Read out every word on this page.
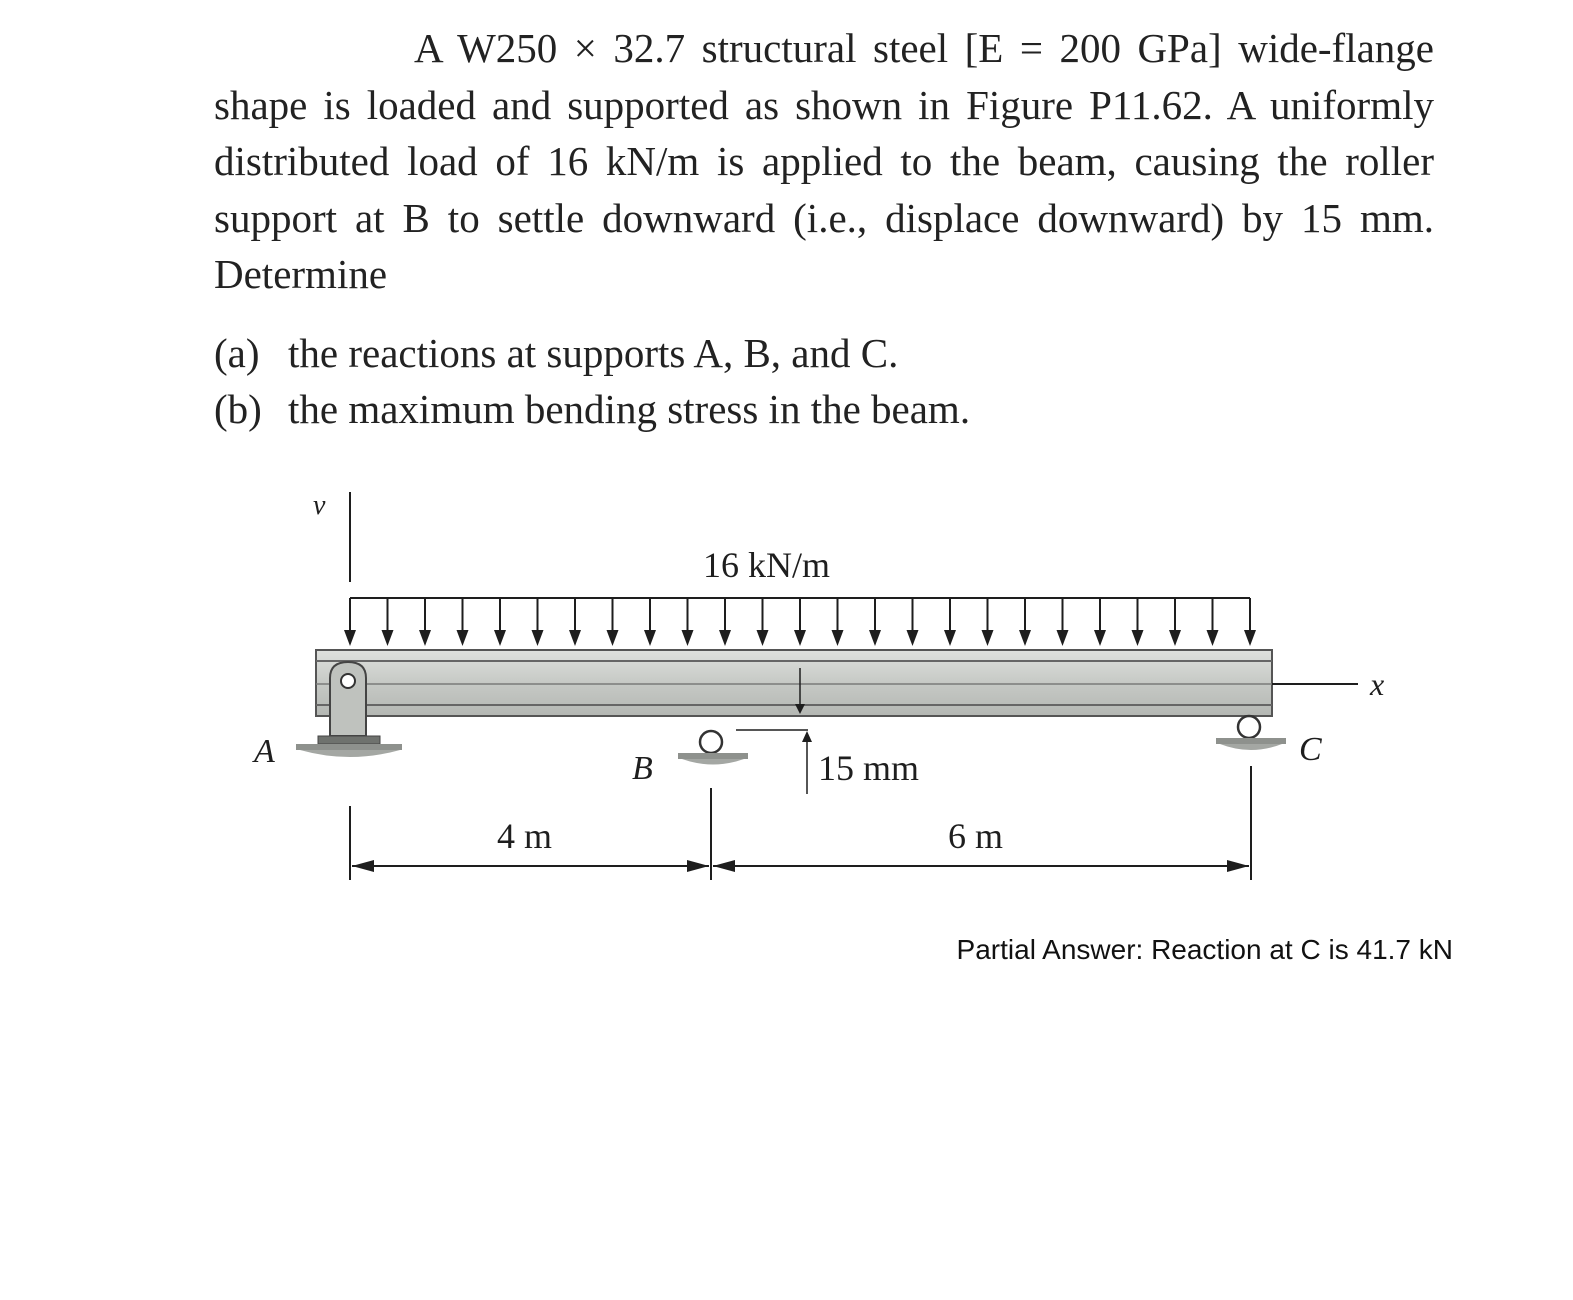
A W250 × 32.7 structural steel [E = 200 GPa] wide-flange shape is loaded and supported as shown in Figure P11.62. A uniformly distributed load of 16 kN/m is applied to the beam, causing the roller support at B to settle downward (i.e., displace downward) by 15 mm. Determine

(a) the reactions at supports A, B, and C.
(b) the maximum bending stress in the beam.
v
16 kN/m
x
A	B	15 mm	C
4 m	6 m
Partial Answer: Reaction at C is 41.7 kN
